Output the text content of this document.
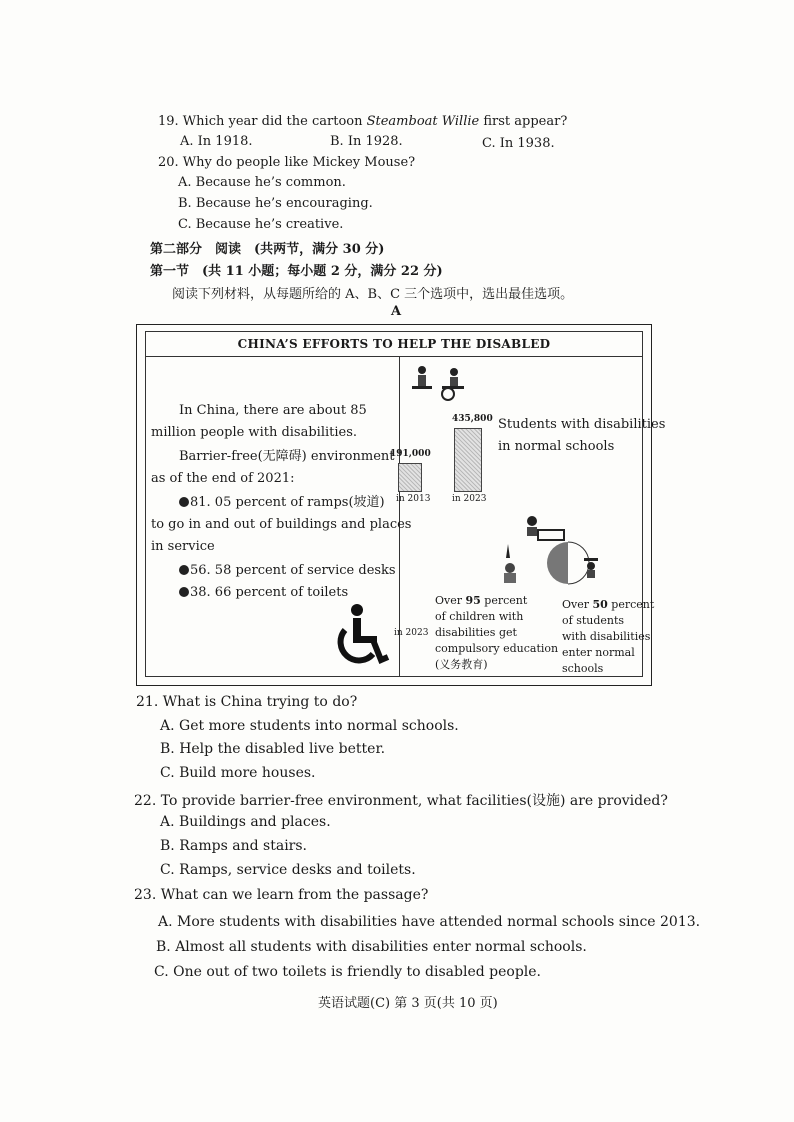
19. Which year did the cartoon Steamboat Willie first appear?
A. In 1918.	B. In 1928.	C. In 1938.
20. Why do people like Mickey Mouse?
A. Because he’s common.
B. Because he’s encouraging.
C. Because he’s creative.
第二部分　阅读　(共两节，满分 30 分)
第一节　(共 11 小题；每小题 2 分，满分 22 分)
阅读下列材料，从每题所给的 A、B、C 三个选项中，选出最佳选项。
A
CHINA’S EFFORTS TO HELP THE DISABLED
In China, there are about 85
million people with disabilities.
Barrier-free(无障碍) environment
as of the end of 2021:
81. 05 percent of ramps(坡道)
to go in and out of buildings and places
in service
56. 58 percent of service desks
38. 66 percent of toilets
191,000
in 2013
435,800
in 2023
Students with disabilities
in normal schools
in 2023
Over 95 percent
of children with
disabilities get
compulsory education
(义务教育)
Over 50 percent
of students
with disabilities
enter normal
schools
21. What is China trying to do?
A. Get more students into normal schools.
B. Help the disabled live better.
C. Build more houses.
22. To provide barrier-free environment, what facilities(设施) are provided?
A. Buildings and places.
B. Ramps and stairs.
C. Ramps, service desks and toilets.
23. What can we learn from the passage?
A. More students with disabilities have attended normal schools since 2013.
B. Almost all students with disabilities enter normal schools.
C. One out of two toilets is friendly to disabled people.
英语试题(C) 第 3 页(共 10 页)
